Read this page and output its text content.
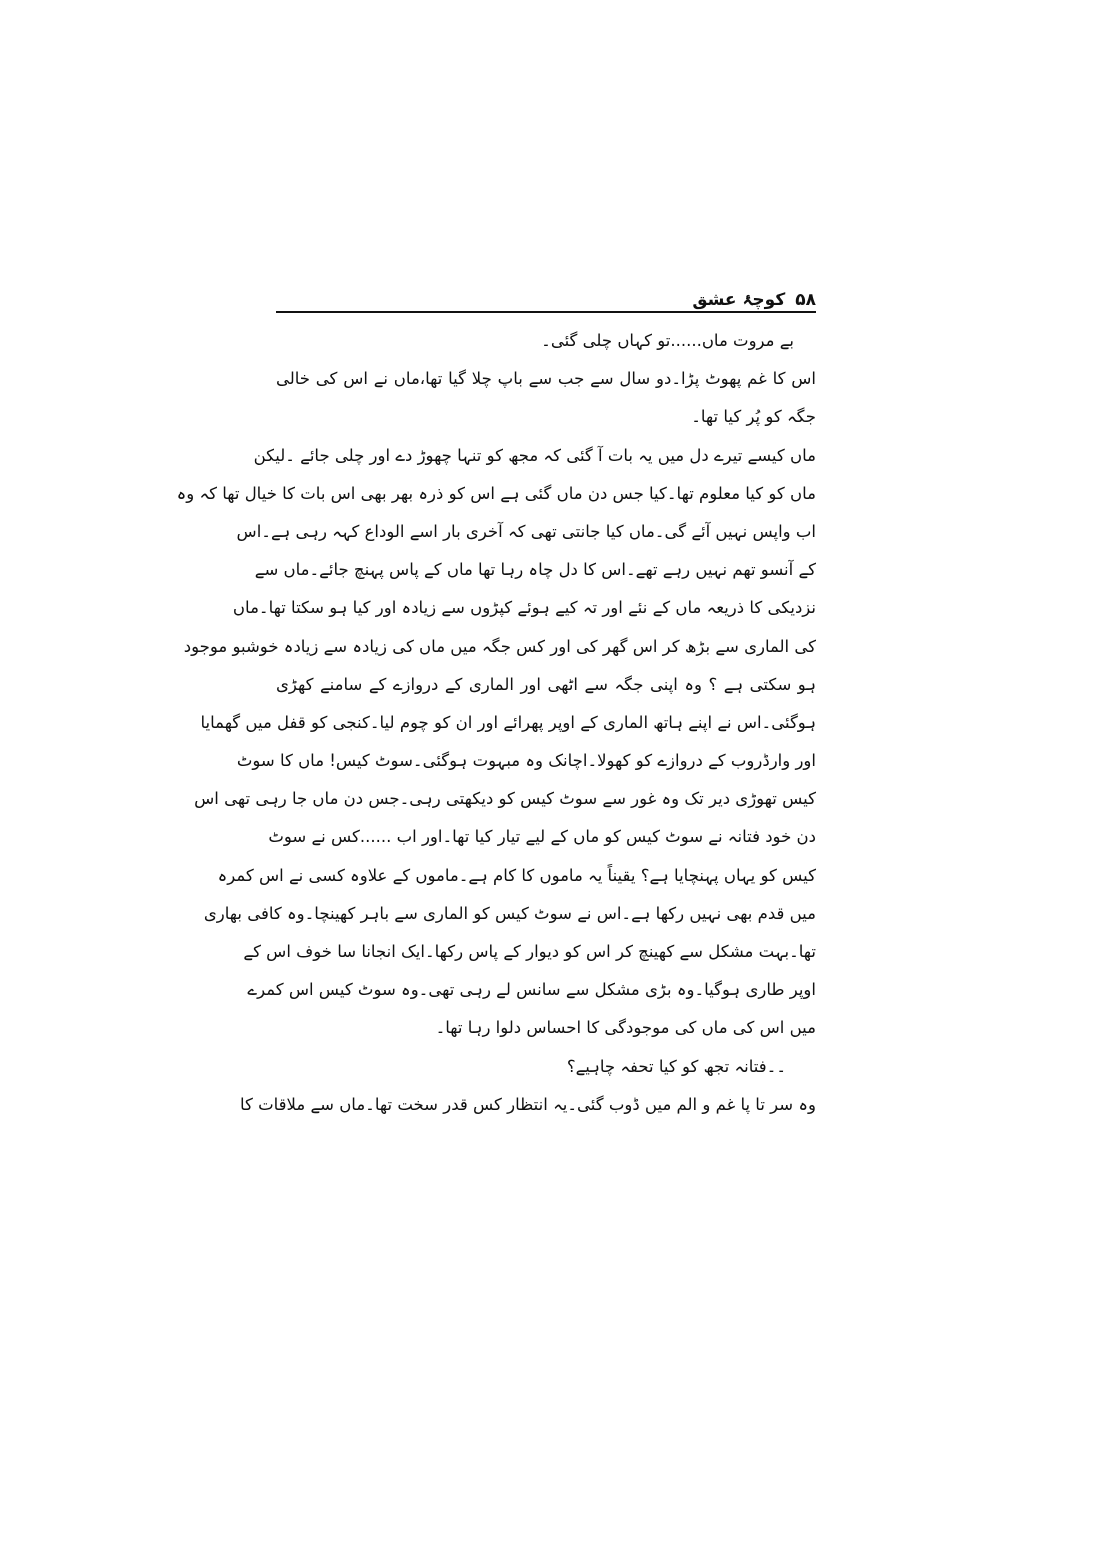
۵۸
کوچۂ عشق
بے مروت ماں......تو کہاں چلی گئی۔
اس کا غم پھوٹ پڑا۔دو سال سے جب سے باپ چلا گیا تھا،ماں نے اس کی خالی
جگہ کو پُر کیا تھا۔
ماں کیسے تیرے دل میں یہ بات آ گئی کہ مجھ کو تنہا چھوڑ دے اور چلی جائے ۔لیکن
ماں کو کیا معلوم تھا۔کیا جس دن ماں گئی ہے اس کو ذرہ بھر بھی اس بات کا خیال تھا کہ وہ
اب واپس نہیں آئے گی۔ماں کیا جانتی تھی کہ آخری بار اسے الوداع کہہ رہی ہے۔اس
کے آنسو تھم نہیں رہے تھے۔اس کا دل چاہ رہا تھا ماں کے پاس پہنچ جائے۔ماں سے
نزدیکی کا ذریعہ ماں کے نئے اور تہ کیے ہوئے کپڑوں سے زیادہ اور کیا ہو سکتا تھا۔ماں
کی الماری سے بڑھ کر اس گھر کی اور کس جگہ میں ماں کی زیادہ سے زیادہ خوشبو موجود
ہو سکتی ہے ؟ وہ اپنی جگہ سے اٹھی اور الماری کے دروازے کے سامنے کھڑی
ہوگئی۔اس نے اپنے ہاتھ الماری کے اوپر پھرائے اور ان کو چوم لیا۔کنجی کو قفل میں گھمایا
اور وارڈروب کے دروازے کو کھولا۔اچانک وہ مبہوت ہوگئی۔سوٹ کیس! ماں کا سوٹ
کیس تھوڑی دیر تک وہ غور سے سوٹ کیس کو دیکھتی رہی۔جس دن ماں جا رہی تھی اس
دن خود فتانہ نے سوٹ کیس کو ماں کے لیے تیار کیا تھا۔اور اب ......کس نے سوٹ
کیس کو یہاں پہنچایا ہے؟ یقیناً یہ ماموں کا کام ہے۔ماموں کے علاوہ کسی نے اس کمرہ
میں قدم بھی نہیں رکھا ہے۔اس نے سوٹ کیس کو الماری سے باہر کھینچا۔وہ کافی بھاری
تھا۔بہت مشکل سے کھینچ کر اس کو دیوار کے پاس رکھا۔ایک انجانا سا خوف اس کے
اوپر طاری ہوگیا۔وہ بڑی مشکل سے سانس لے رہی تھی۔وہ سوٹ کیس اس کمرے
میں اس کی ماں کی موجودگی کا احساس دلوا رہا تھا۔
۔۔فتانہ تجھ کو کیا تحفہ چاہیے؟
وہ سر تا پا غم و الم میں ڈوب گئی۔یہ انتظار کس قدر سخت تھا۔ماں سے ملاقات کا
